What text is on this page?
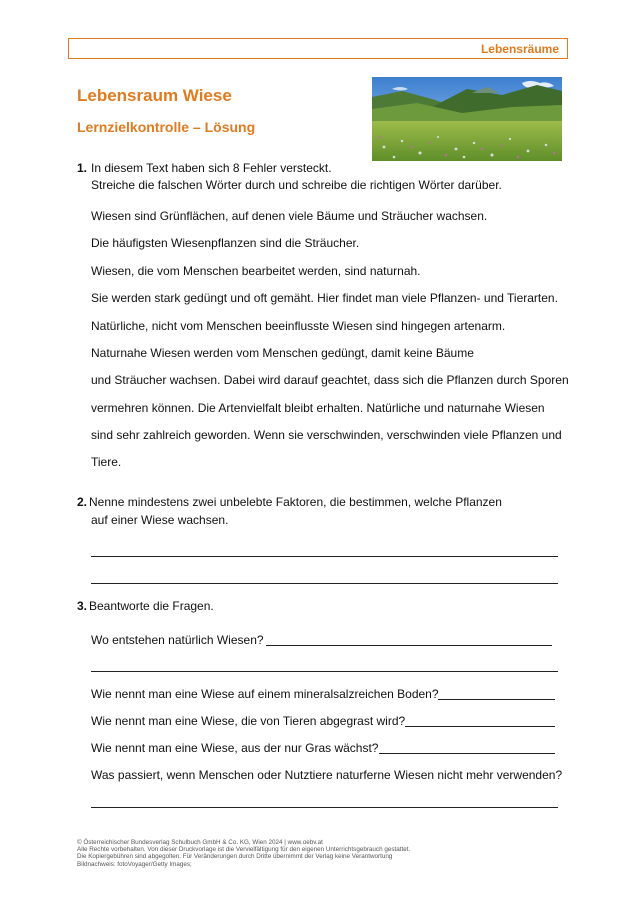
Lebensräume
Lebensraum Wiese
Lernzielkontrolle – Lösung
1. In diesem Text haben sich 8 Fehler versteckt.
Streiche die falschen Wörter durch und schreibe die richtigen Wörter darüber.
Wiesen sind Grünflächen, auf denen viele Bäume und Sträucher wachsen.
Die häufigsten Wiesenpflanzen sind die Sträucher.
Wiesen, die vom Menschen bearbeitet werden, sind naturnah.
Sie werden stark gedüngt und oft gemäht. Hier findet man viele Pflanzen- und Tierarten.
Natürliche, nicht vom Menschen beeinflusste Wiesen sind hingegen artenarm.
Naturnahe Wiesen werden vom Menschen gedüngt, damit keine Bäume
und Sträucher wachsen. Dabei wird darauf geachtet, dass sich die Pflanzen durch Sporen
vermehren können. Die Artenvielfalt bleibt erhalten. Natürliche und naturnahe Wiesen
sind sehr zahlreich geworden. Wenn sie verschwinden, verschwinden viele Pflanzen und
Tiere.
2. Nenne mindestens zwei unbelebte Faktoren, die bestimmen, welche Pflanzen
auf einer Wiese wachsen.
3. Beantworte die Fragen.
Wo entstehen natürlich Wiesen?
Wie nennt man eine Wiese auf einem mineralsalzreichen Boden?
Wie nennt man eine Wiese, die von Tieren abgegrast wird?
Wie nennt man eine Wiese, aus der nur Gras wächst?
Was passiert, wenn Menschen oder Nutztiere naturferne Wiesen nicht mehr verwenden?
© Österreichischer Bundesverlag Schulbuch GmbH & Co. KG, Wien 2024 | www.oebv.at
Alle Rechte vorbehalten. Von dieser Druckvorlage ist die Vervielfältigung für den eigenen Unterrichtsgebrauch gestattet.
Die Kopiergebühren sind abgegolten. Für Veränderungen durch Dritte übernimmt der Verlag keine Verantwortung
Bildnachweis: fotoVoyager/Getty Images;
